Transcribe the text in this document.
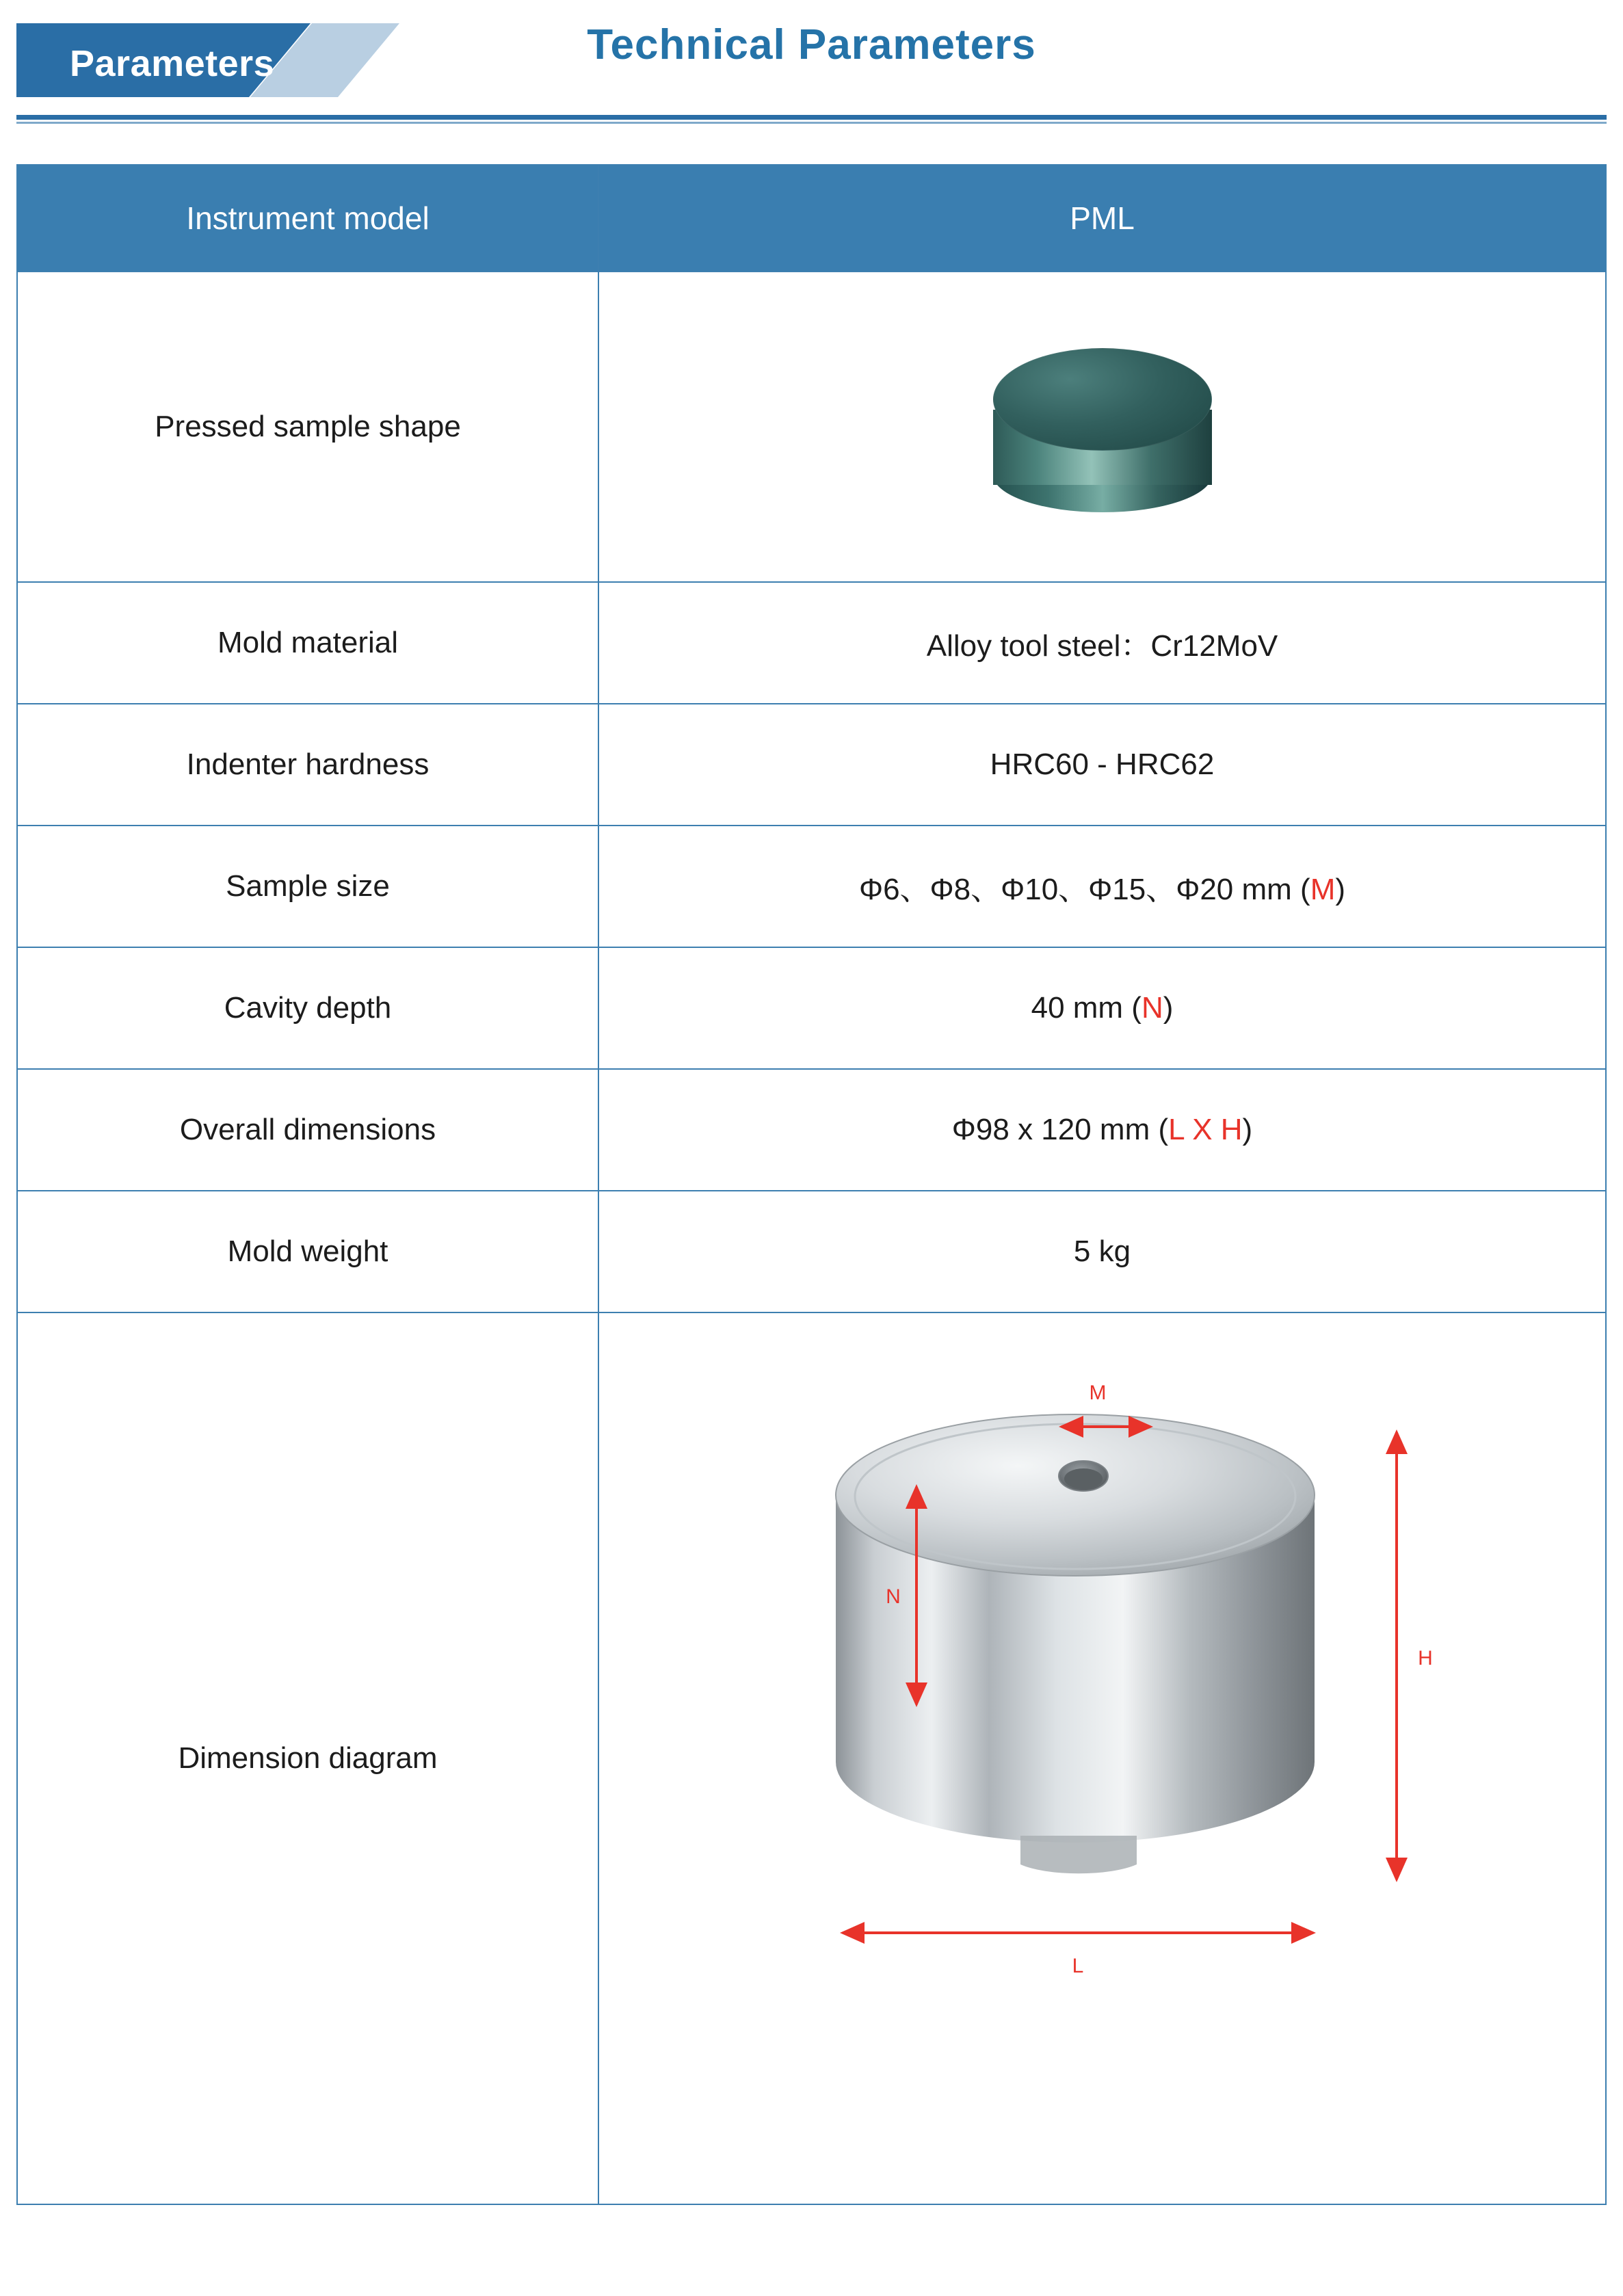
Parameters	Technical Parameters
Instrument model	PML
Pressed sample shape	

Mold material	Alloy tool steel：Cr12MoV
Indenter hardness	HRC60 - HRC62
Sample size	Φ6、Φ8、Φ10、Φ15、Φ20 mm (M)
Cavity depth	40 mm (N)
Overall dimensions	Φ98 x 120 mm (L X H)
Mold weight	5 kg
Dimension diagram	M
N
H
L
